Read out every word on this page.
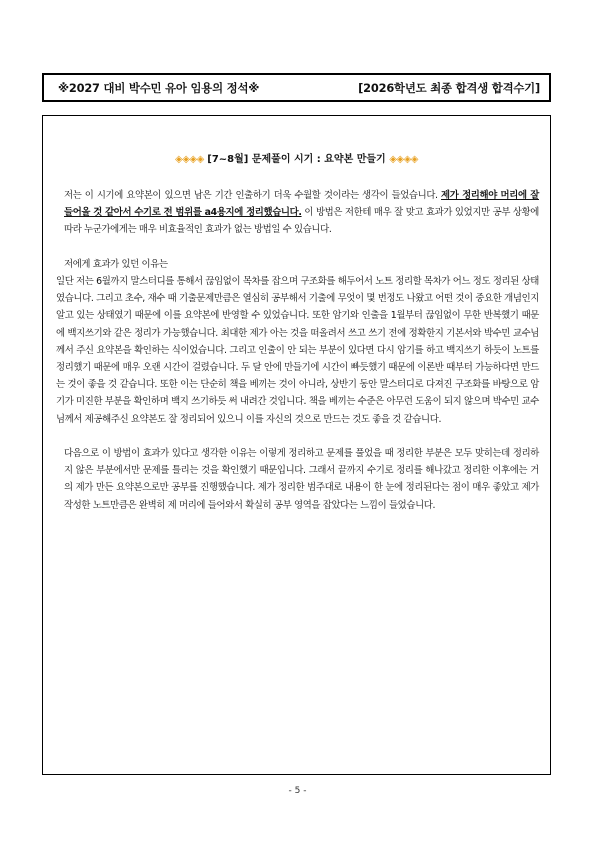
※2027 대비 박수민 유아 임용의 정석※	[2026학년도 최종 합격생 합격수기]
◈◈◈◈ [7~8월] 문제풀이 시기 : 요약본 만들기 ◈◈◈◈

저는 이 시기에 요약본이 있으면 남은 기간 인출하기 더욱 수월할 것이라는 생각이 들었습니다. 제가 정리해야 머리에 잘 들어올 것 같아서 수기로 전 범위를 a4용지에 정리했습니다. 이 방법은 저한테 매우 잘 맞고 효과가 있었지만 공부 상황에 따라 누군가에게는 매우 비효율적인 효과가 없는 방법일 수 있습니다.

저에게 효과가 있던 이유는

일단 저는 6월까지 말스터디를 통해서 끊임없이 목차를 잡으며 구조화를 해두어서 노트 정리할 목차가 어느 정도 정리된 상태였습니다. 그리고 초수, 재수 때 기출문제만큼은 열심히 공부해서 기출에 무엇이 몇 번정도 나왔고 어떤 것이 중요한 개념인지 알고 있는 상태였기 때문에 이를 요약본에 반영할 수 있었습니다. 또한 암기와 인출을 1월부터 끊임없이 무한 반복했기 때문에 백지쓰기와 같은 정리가 가능했습니다. 최대한 제가 아는 것을 떠올려서 쓰고 쓰기 전에 정확한지 기본서와 박수민 교수님께서 주신 요약본을 확인하는 식이었습니다. 그리고 인출이 안 되는 부분이 있다면 다시 암기를 하고 백지쓰기 하듯이 노트를 정리했기 때문에 매우 오랜 시간이 걸렸습니다. 두 달 안에 만들기에 시간이 빠듯했기 때문에 이론반 때부터 가능하다면 만드는 것이 좋을 것 같습니다. 또한 이는 단순히 책을 베끼는 것이 아니라, 상반기 동안 말스터디로 다져진 구조화를 바탕으로 암기가 미진한 부분을 확인하며 백지 쓰기하듯 써 내려간 것입니다. 책을 베끼는 수준은 아무런 도움이 되지 않으며 박수민 교수님께서 제공해주신 요약본도 잘 정리되어 있으니 이를 자신의 것으로 만드는 것도 좋을 것 같습니다.

다음으로 이 방법이 효과가 있다고 생각한 이유는 이렇게 정리하고 문제를 풀었을 때 정리한 부분은 모두 맞히는데 정리하지 않은 부분에서만 문제를 틀리는 것을 확인했기 때문입니다. 그래서 끝까지 수기로 정리를 해나갔고 정리한 이후에는 거의 제가 만든 요약본으로만 공부를 진행했습니다. 제가 정리한 범주대로 내용이 한 눈에 정리된다는 점이 매우 좋았고 제가 작성한 노트만큼은 완벽히 제 머리에 들어와서 확실히 공부 영역을 잡았다는 느낌이 들었습니다.

- 5 -
